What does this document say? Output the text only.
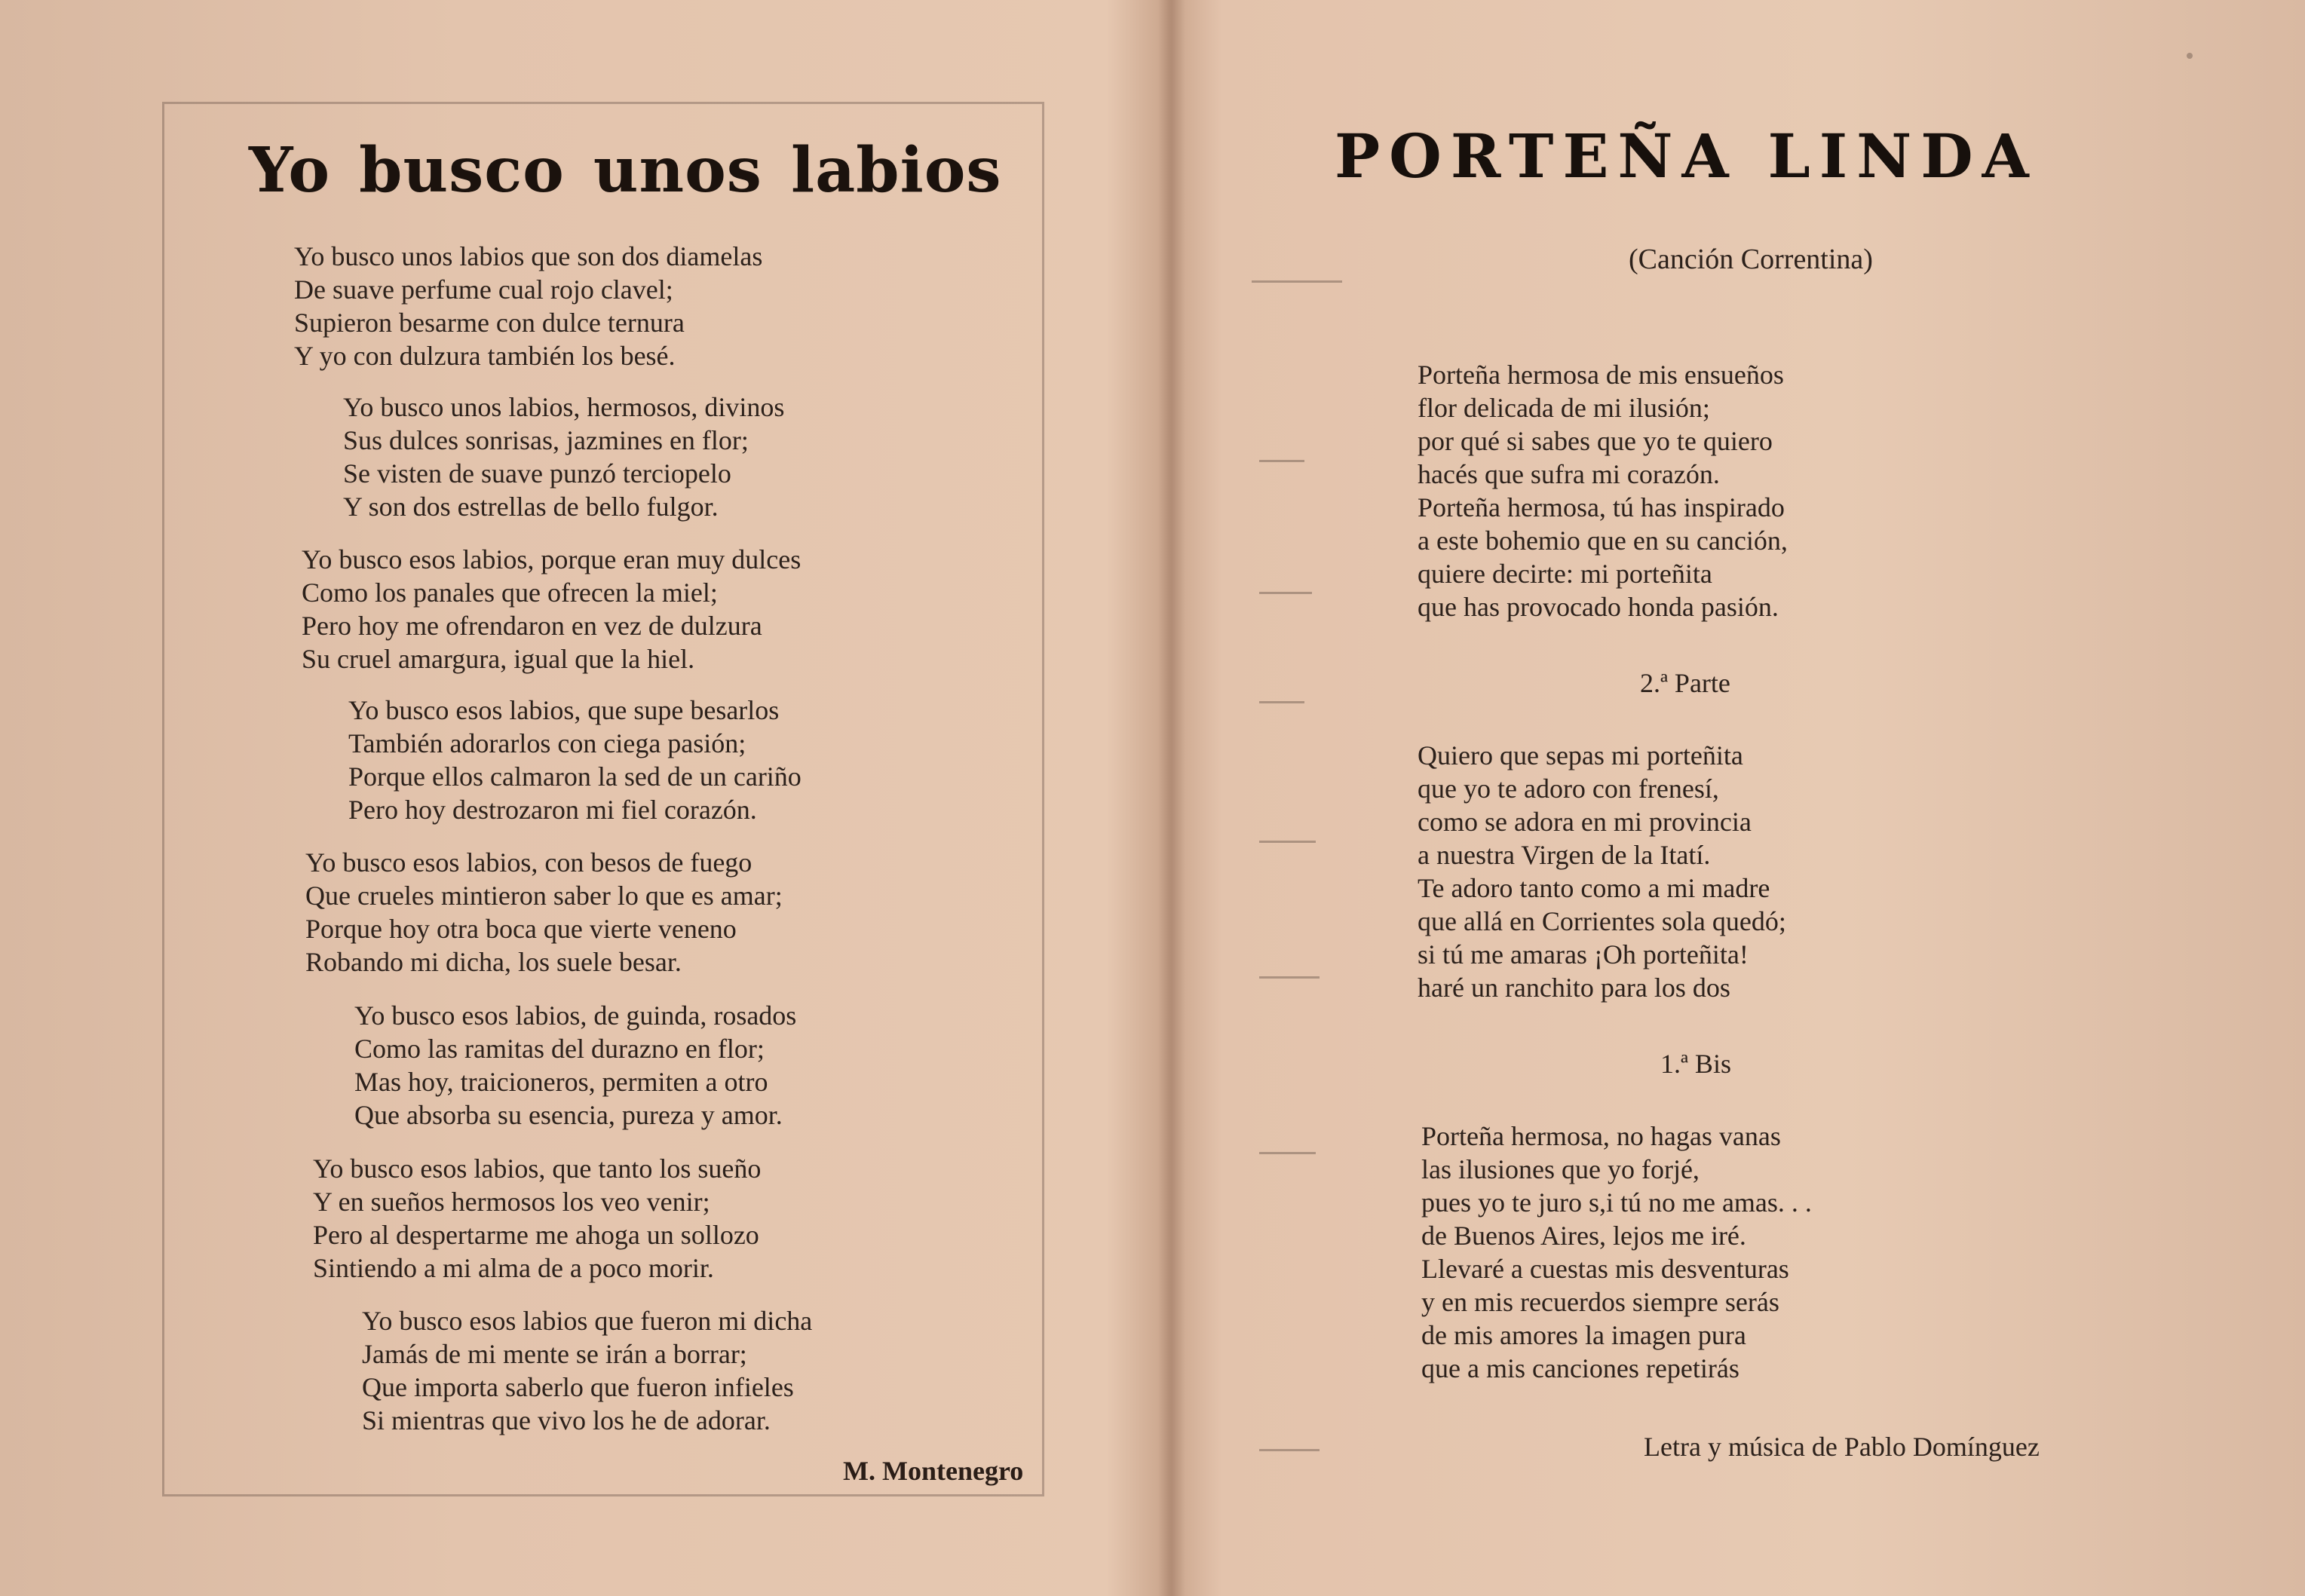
Yo busco unos labios
Yo busco unos labios que son dos diamelas
De suave perfume cual rojo clavel;
Supieron besarme con dulce ternura
Y yo con dulzura también los besé.
Yo busco unos labios, hermosos, divinos
Sus dulces sonrisas, jazmines en flor;
Se visten de suave punzó terciopelo
Y son dos estrellas de bello fulgor.
Yo busco esos labios, porque eran muy dulces
Como los panales que ofrecen la miel;
Pero hoy me ofrendaron en vez de dulzura
Su cruel amargura, igual que la hiel.
Yo busco esos labios, que supe besarlos
También adorarlos con ciega pasión;
Porque ellos calmaron la sed de un cariño
Pero hoy destrozaron mi fiel corazón.
Yo busco esos labios, con besos de fuego
Que crueles mintieron saber lo que es amar;
Porque hoy otra boca que vierte veneno
Robando mi dicha, los suele besar.
Yo busco esos labios, de guinda, rosados
Como las ramitas del durazno en flor;
Mas hoy, traicioneros, permiten a otro
Que absorba su esencia, pureza y amor.
Yo busco esos labios, que tanto los sueño
Y en sueños hermosos los veo venir;
Pero al despertarme me ahoga un sollozo
Sintiendo a mi alma de a poco morir.
Yo busco esos labios que fueron mi dicha
Jamás de mi mente se irán a borrar;
Que importa saberlo que fueron infieles
Si mientras que vivo los he de adorar.
M. Montenegro
PORTEÑA LINDA
(Canción Correntina)
Porteña hermosa de mis ensueños
flor delicada de mi ilusión;
por qué si sabes que yo te quiero
hacés que sufra mi corazón.
Porteña hermosa, tú has inspirado
a este bohemio que en su canción,
quiere decirte: mi porteñita
que has provocado honda pasión.
2.ª Parte
Quiero que sepas mi porteñita
que yo te adoro con frenesí,
como se adora en mi provincia
a nuestra Virgen de la Itatí.
Te adoro tanto como a mi madre
que allá en Corrientes sola quedó;
si tú me amaras ¡Oh porteñita!
haré un ranchito para los dos
1.ª Bis
Porteña hermosa, no hagas vanas
las ilusiones que yo forjé,
pues yo te juro s,i tú no me amas. . .
de Buenos Aires, lejos me iré.
Llevaré a cuestas mis desventuras
y en mis recuerdos siempre serás
de mis amores la imagen pura
que a mis canciones repetirás
Letra y música de Pablo Domínguez
